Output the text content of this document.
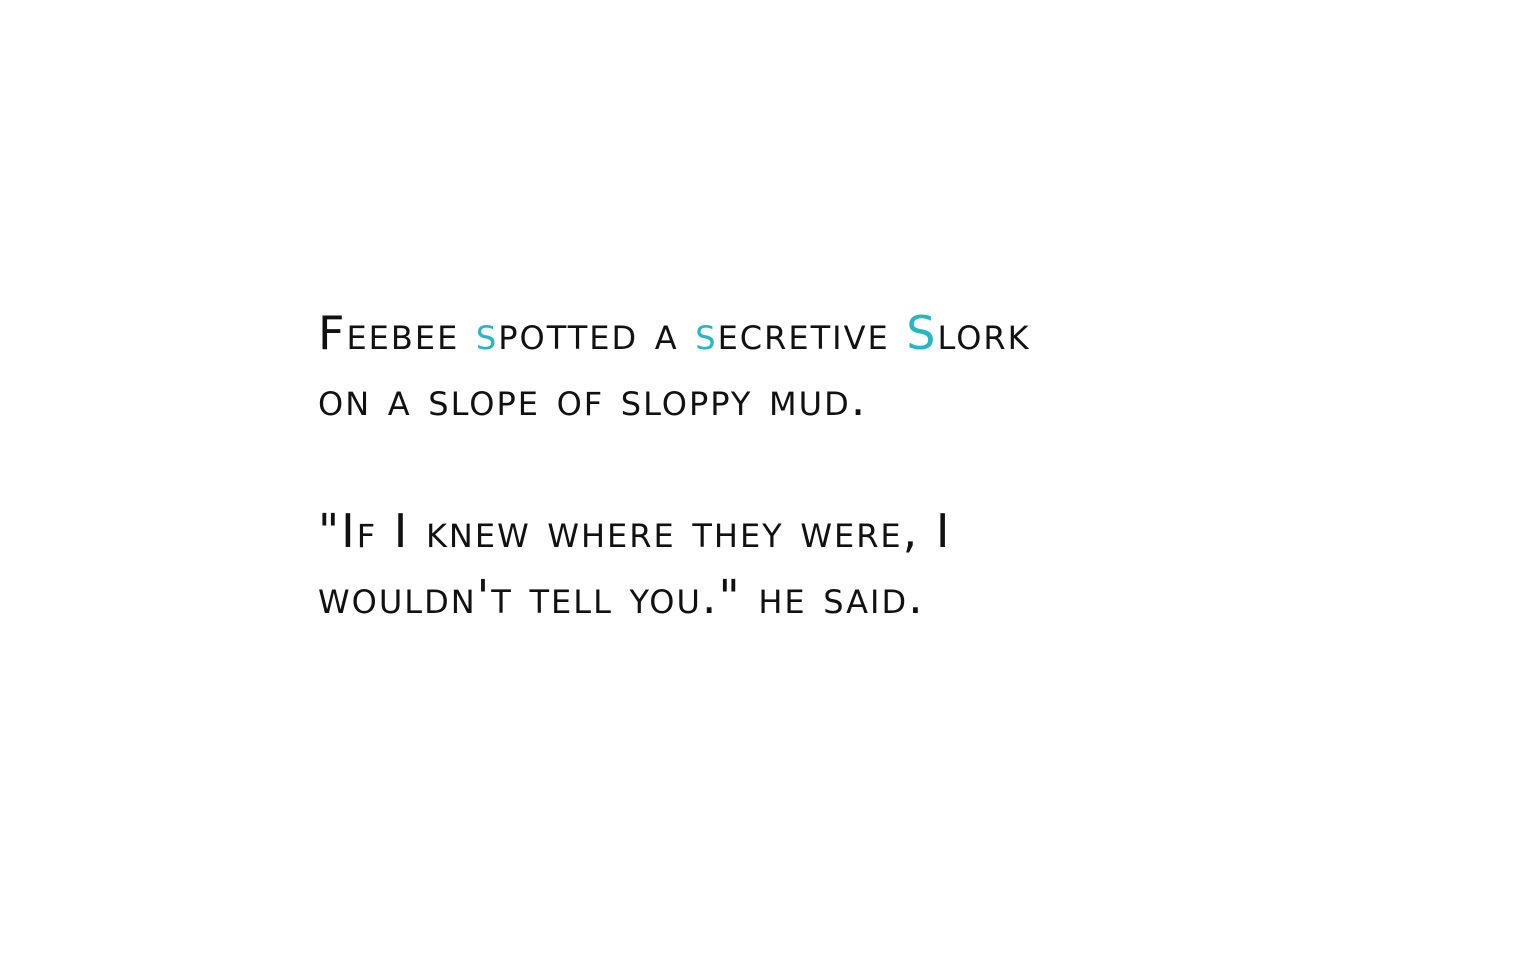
Feebee spotted a secretive Slork
on a slope of sloppy mud.

"If I knew where they were, I
wouldn't tell you." he said.
